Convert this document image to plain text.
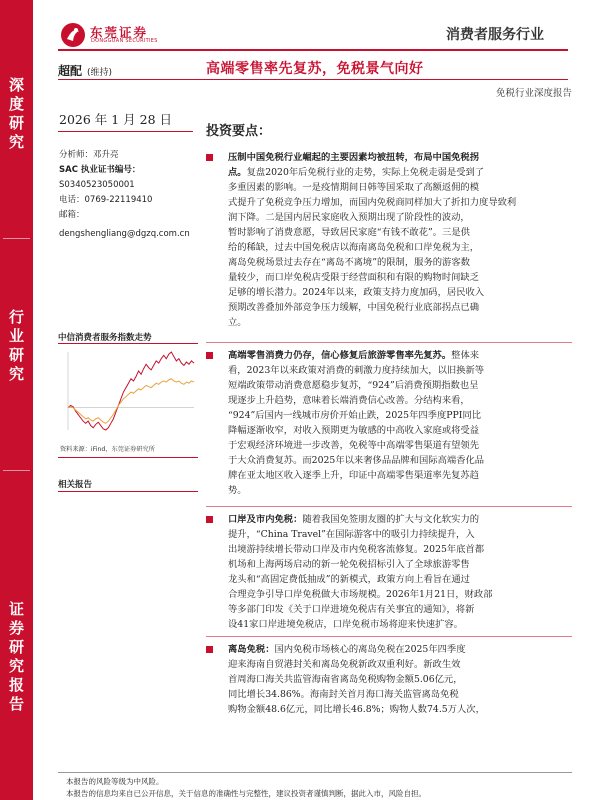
深
度
研
究
行
业
研
究
证
券
研
究
报
告
东莞证券
DONGGUAN SECURITIES	消费者服务行业
超配 (维持)	高端零售率先复苏，免税景气向好
免税行业深度报告
2026 年 1 月 28 日
分析师：邓升亮
SAC 执业证书编号：
S0340523050001
电话：0769-22119410
邮箱：
dengshengliang@dgzq.com.cn
中信消费者服务指数走势
资料来源：iFind，东莞证券研究所
相关报告
投资要点：
压制中国免税行业崛起的主要因素均被扭转，布局中国免税拐
点。复盘2020年后免税行业的走势，实际上免税走弱是受到了
多重因素的影响。一是疫情期间日韩等国采取了高额返佣的模
式提升了免税竞争压力增加，而国内免税商同样加大了折扣力度导致利
润下降。二是国内居民家庭收入预期出现了阶段性的波动，
暂时影响了消费意愿，导致居民家庭“有钱不敢花”。三是供
给的稀缺，过去中国免税店以海南离岛免税和口岸免税为主，
离岛免税场景过去存在“离岛不离境”的限制，服务的游客数
量较少，而口岸免税店受限于经营面积和有限的购物时间缺乏
足够的增长潜力。2024年以来，政策支持力度加码，居民收入
预期改善叠加外部竞争压力缓解，中国免税行业底部拐点已确
立。
高端零售消费力仍存，信心修复后旅游零售率先复苏。整体来
看，2023年以来政策对消费的刺激力度持续加大，以旧换新等
短端政策带动消费意愿稳步复苏，“924”后消费预期指数也呈
现逐步上升趋势，意味着长端消费信心改善。分结构来看，
“924”后国内一线城市房价开始止跌，2025年四季度PPI同比
降幅逐渐收窄，对收入预期更为敏感的中高收入家庭或将受益
于宏观经济环境进一步改善，免税等中高端零售渠道有望领先
于大众消费复苏。而2025年以来奢侈品品牌和国际高端香化品
牌在亚太地区收入逐季上升，印证中高端零售渠道率先复苏趋
势。
口岸及市内免税：随着我国免签朋友圈的扩大与文化软实力的
提升，“China Travel”在国际游客中的吸引力持续提升，入
出境游持续增长带动口岸及市内免税客流修复。2025年底首都
机场和上海两场启动的新一轮免税招标引入了全球旅游零售
龙头和“高固定费低抽成”的新模式，政策方向上看旨在通过
合理竞争引导口岸免税做大市场规模。2026年1月21日，财政部
等多部门印发《关于口岸进境免税店有关事宜的通知》，将新
设41家口岸进境免税店，口岸免税市场将迎来快速扩容。
离岛免税：国内免税市场核心的离岛免税在2025年四季度
迎来海南自贸港封关和离岛免税新政双重利好。新政生效
首周海口海关共监管海南省离岛免税购物金额5.06亿元，
同比增长34.86%。海南封关首月海口海关监管离岛免税
购物金额48.6亿元，同比增长46.8%；购物人数74.5万人次，
本报告的风险等级为中风险。
本报告的信息均来自已公开信息，关于信息的准确性与完整性，建议投资者谨慎判断，据此入市，风险自担。
